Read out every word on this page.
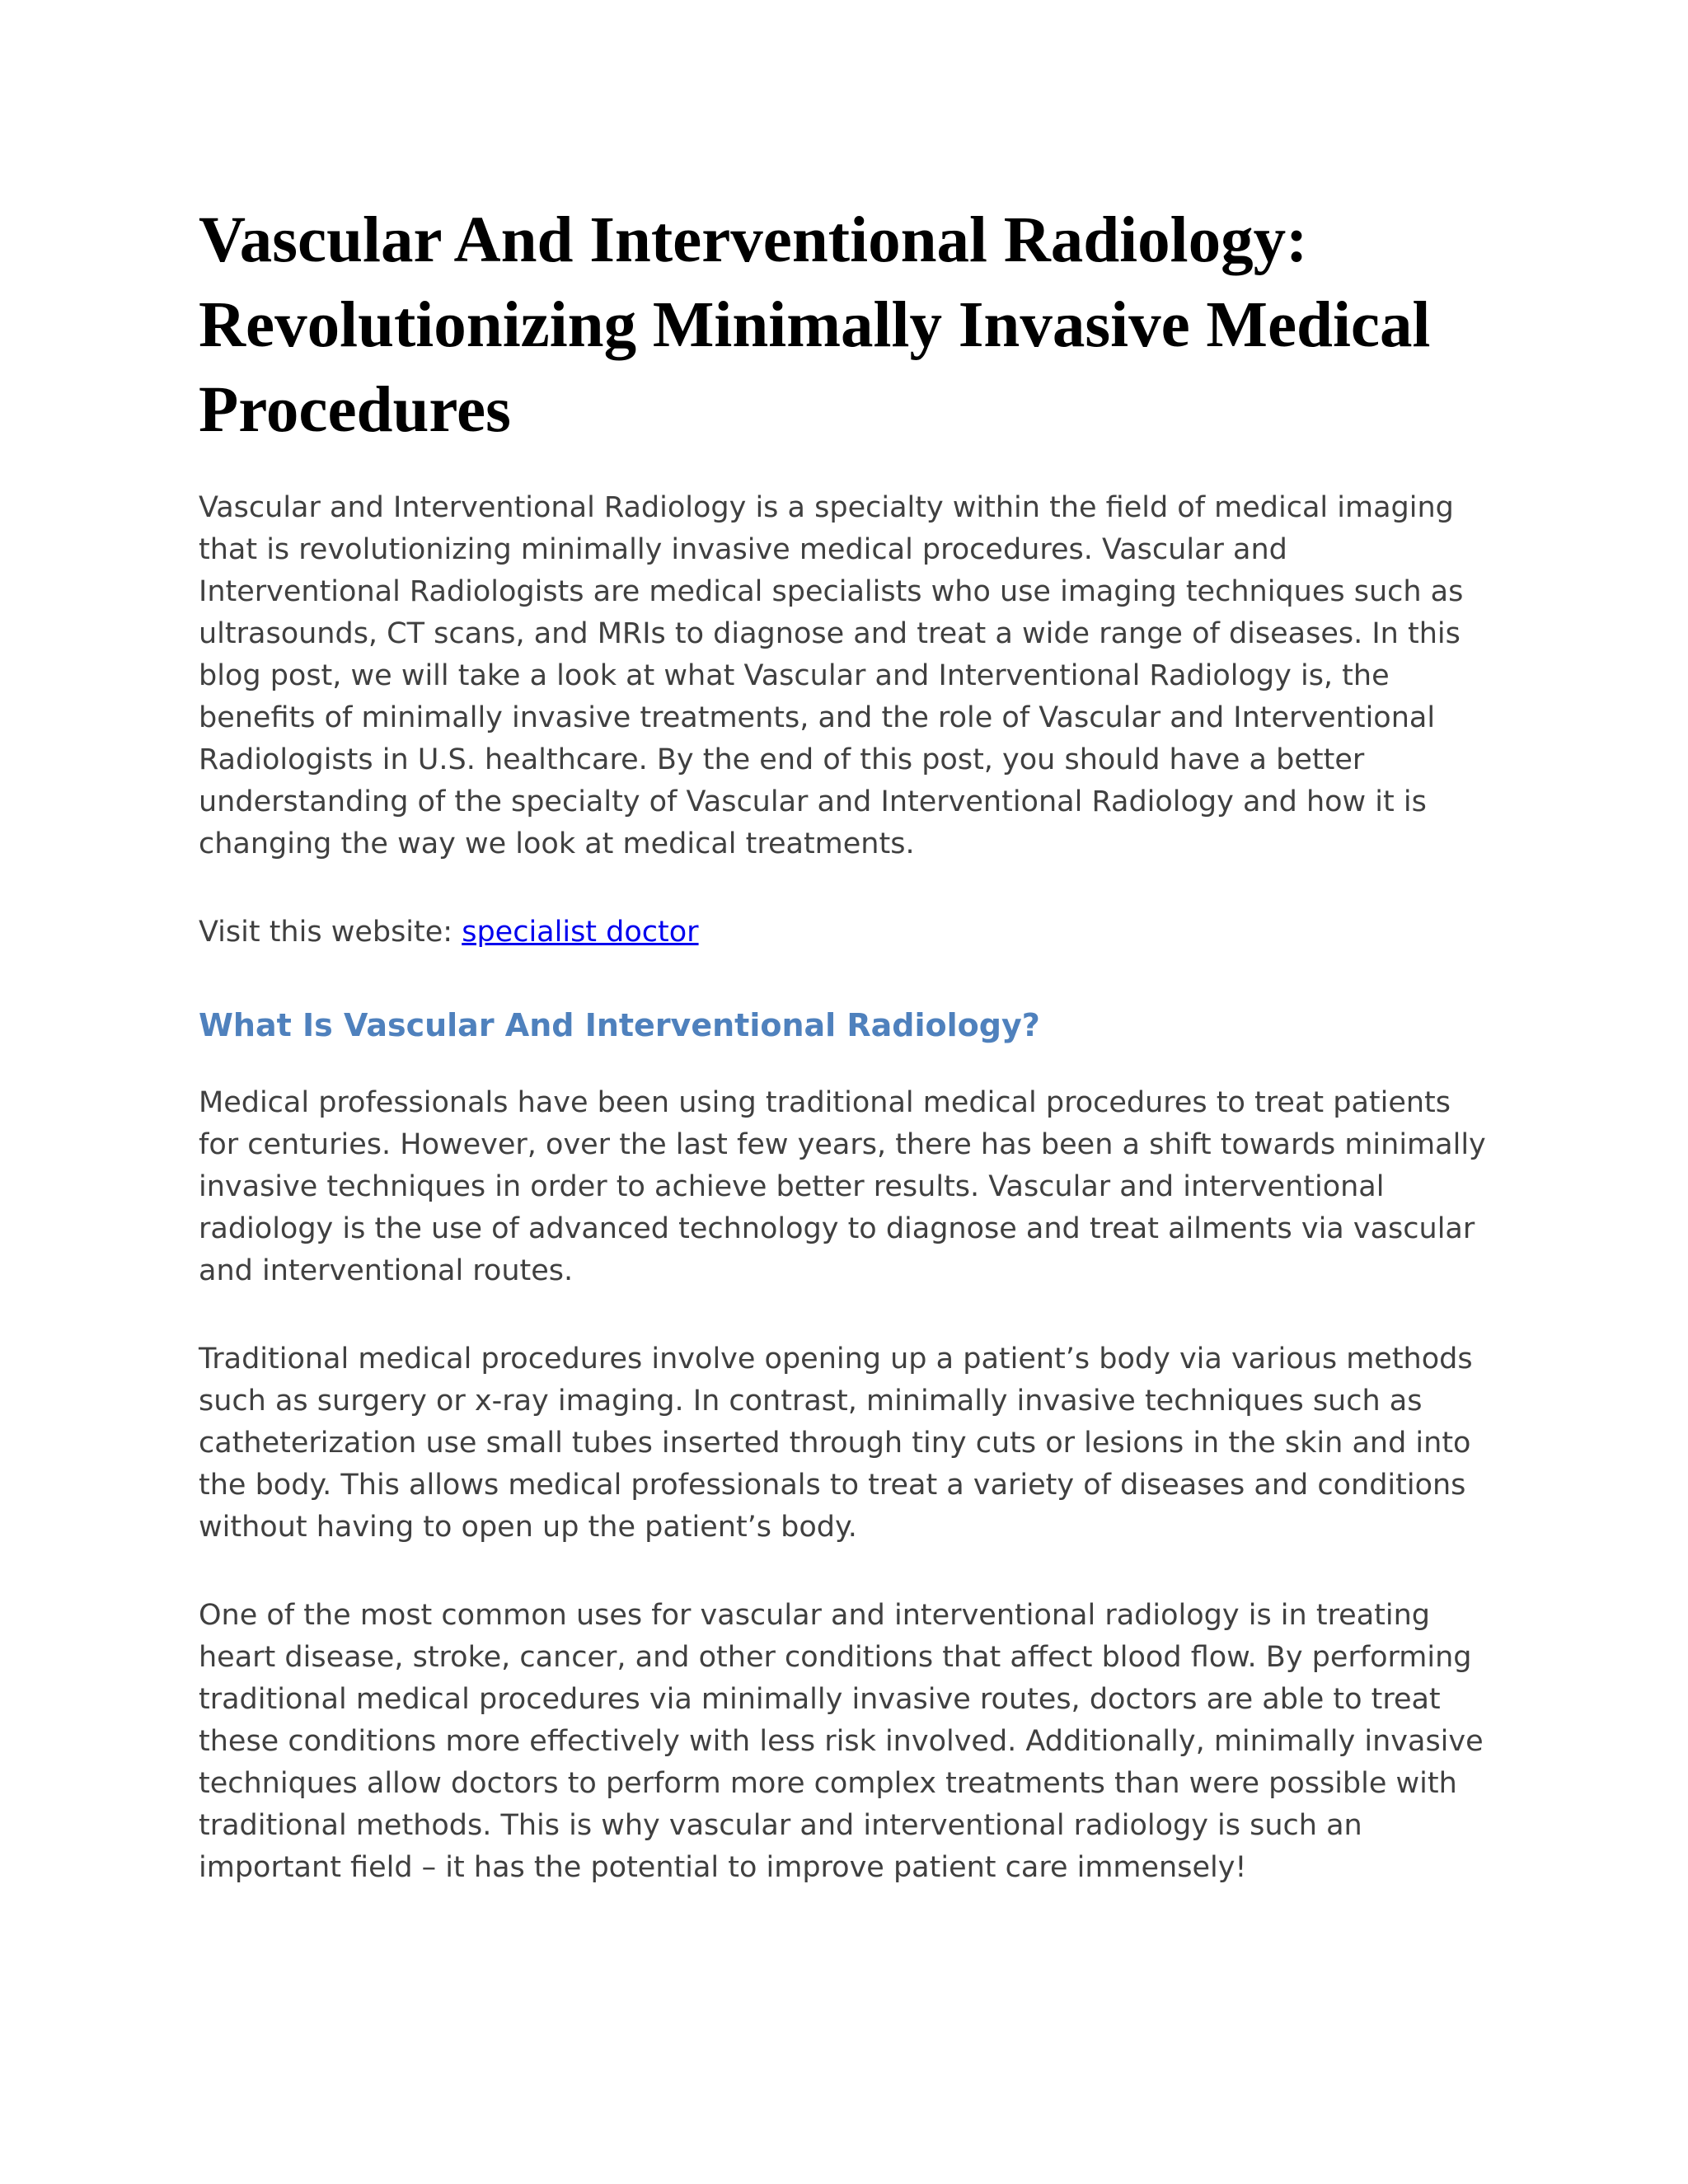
Vascular And Interventional Radiology: Revolutionizing Minimally Invasive Medical Procedures

Vascular and Interventional Radiology is a specialty within the field of medical imaging that is revolutionizing minimally invasive medical procedures. Vascular and Interventional Radiologists are medical specialists who use imaging techniques such as ultrasounds, CT scans, and MRIs to diagnose and treat a wide range of diseases. In this blog post, we will take a look at what Vascular and Interventional Radiology is, the benefits of minimally invasive treatments, and the role of Vascular and Interventional Radiologists in U.S. healthcare. By the end of this post, you should have a better understanding of the specialty of Vascular and Interventional Radiology and how it is changing the way we look at medical treatments.

Visit this website: specialist doctor

What Is Vascular And Interventional Radiology?

Medical professionals have been using traditional medical procedures to treat patients for centuries. However, over the last few years, there has been a shift towards minimally invasive techniques in order to achieve better results. Vascular and interventional radiology is the use of advanced technology to diagnose and treat ailments via vascular and interventional routes.

Traditional medical procedures involve opening up a patient’s body via various methods such as surgery or x-ray imaging. In contrast, minimally invasive techniques such as catheterization use small tubes inserted through tiny cuts or lesions in the skin and into the body. This allows medical professionals to treat a variety of diseases and conditions without having to open up the patient’s body.

One of the most common uses for vascular and interventional radiology is in treating heart disease, stroke, cancer, and other conditions that affect blood flow. By performing traditional medical procedures via minimally invasive routes, doctors are able to treat these conditions more effectively with less risk involved. Additionally, minimally invasive techniques allow doctors to perform more complex treatments than were possible with traditional methods. This is why vascular and interventional radiology is such an important field – it has the potential to improve patient care immensely!
